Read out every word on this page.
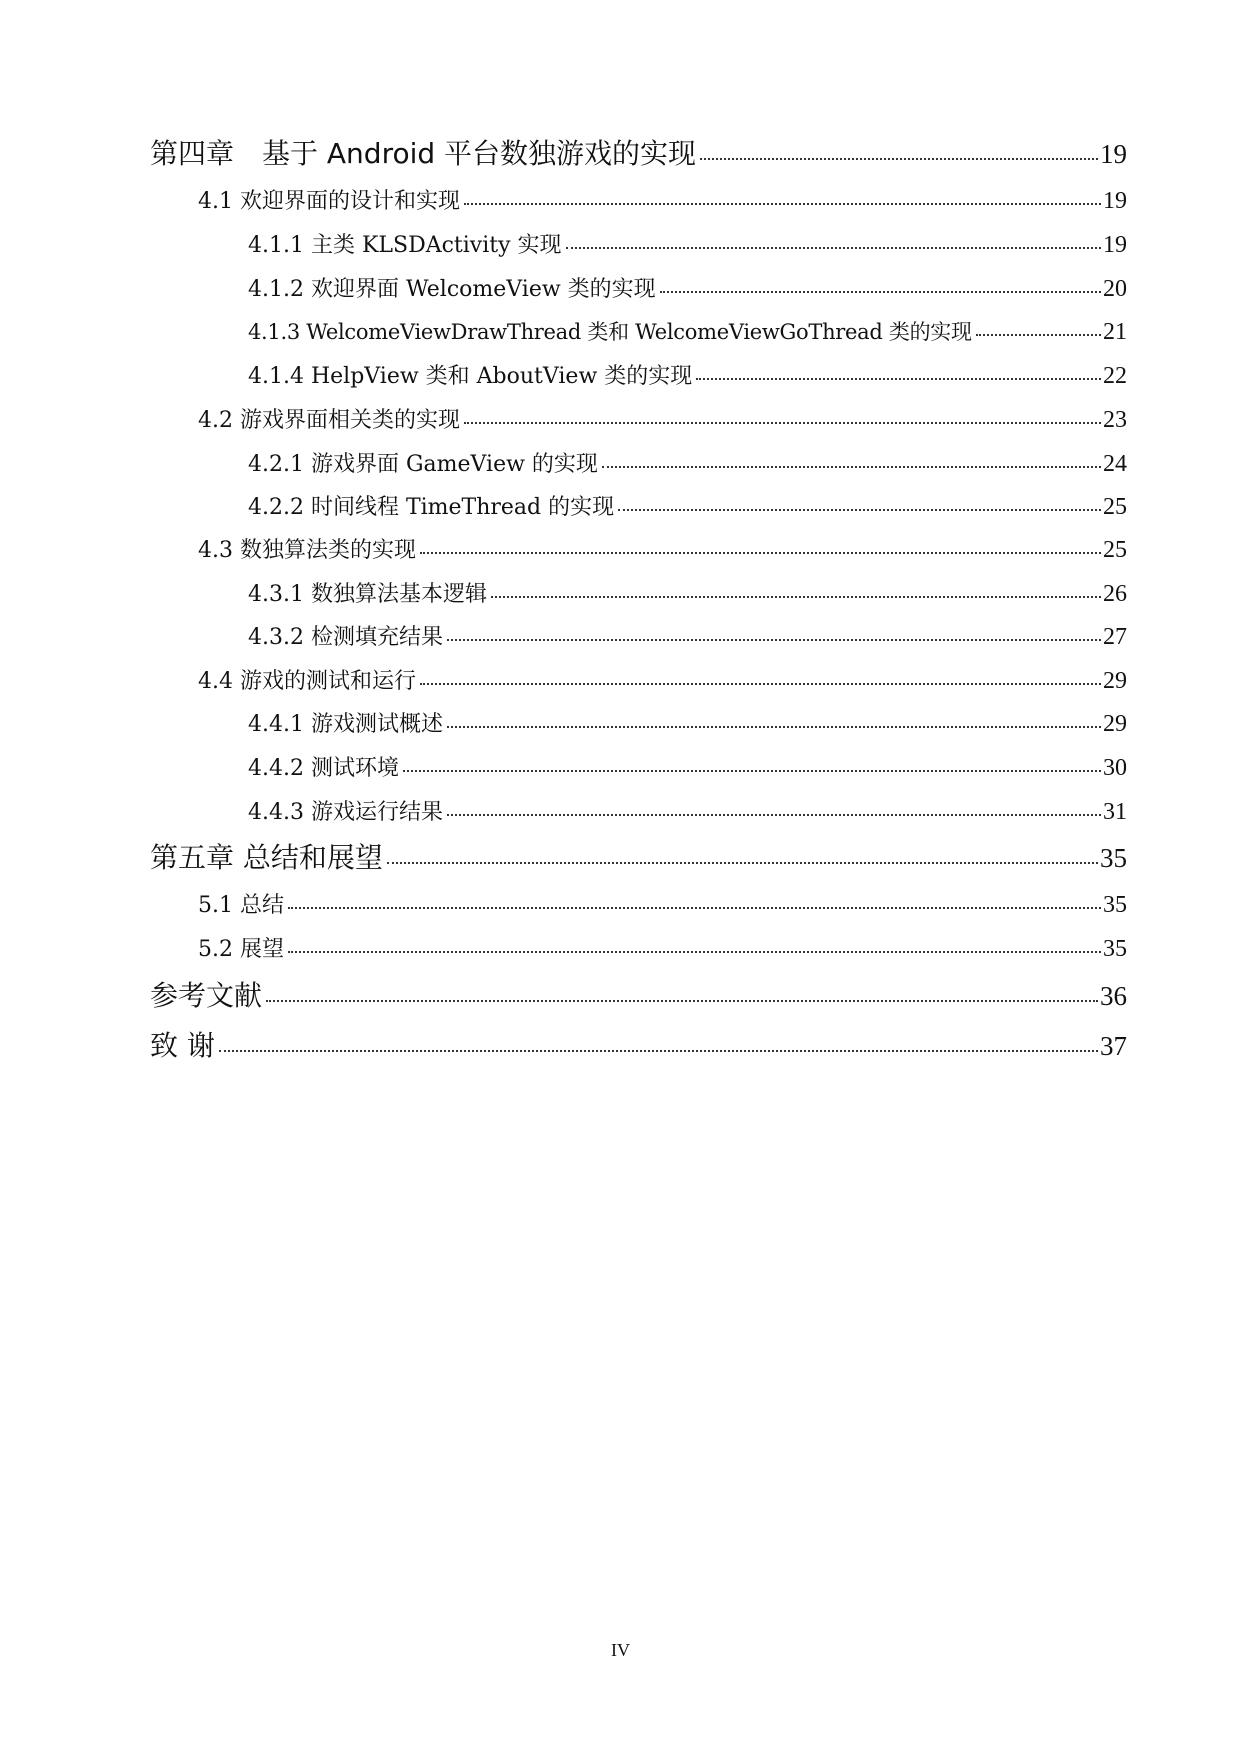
第四章　基于 Android 平台数独游戏的实现	19
4.1 欢迎界面的设计和实现	19
4.1.1 主类 KLSDActivity 实现	19
4.1.2 欢迎界面 WelcomeView 类的实现	20
4.1.3 WelcomeViewDrawThread 类和 WelcomeViewGoThread 类的实现	21
4.1.4 HelpView 类和 AboutView 类的实现	22
4.2 游戏界面相关类的实现	23
4.2.1 游戏界面 GameView 的实现	24
4.2.2 时间线程 TimeThread 的实现	25
4.3 数独算法类的实现	25
4.3.1 数独算法基本逻辑	26
4.3.2 检测填充结果	27
4.4 游戏的测试和运行	29
4.4.1 游戏测试概述	29
4.4.2 测试环境	30
4.4.3 游戏运行结果	31
第五章 总结和展望	35
5.1 总结	35
5.2 展望	35
参考文献	36
致 谢	37
IV
